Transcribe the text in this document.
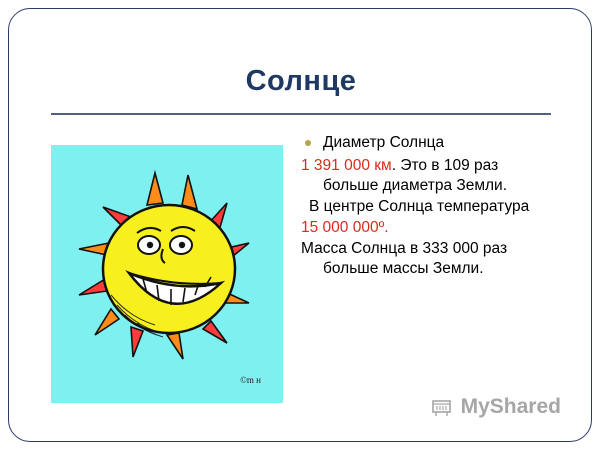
Солнце
©m н
Диаметр Солнца
1 391 000 км. Это в 109 раз больше диаметра Земли.
В центре Солнца температура
15 000 000º.
Масса Солнца в 333 000 раз больше массы Земли.
MyShared
